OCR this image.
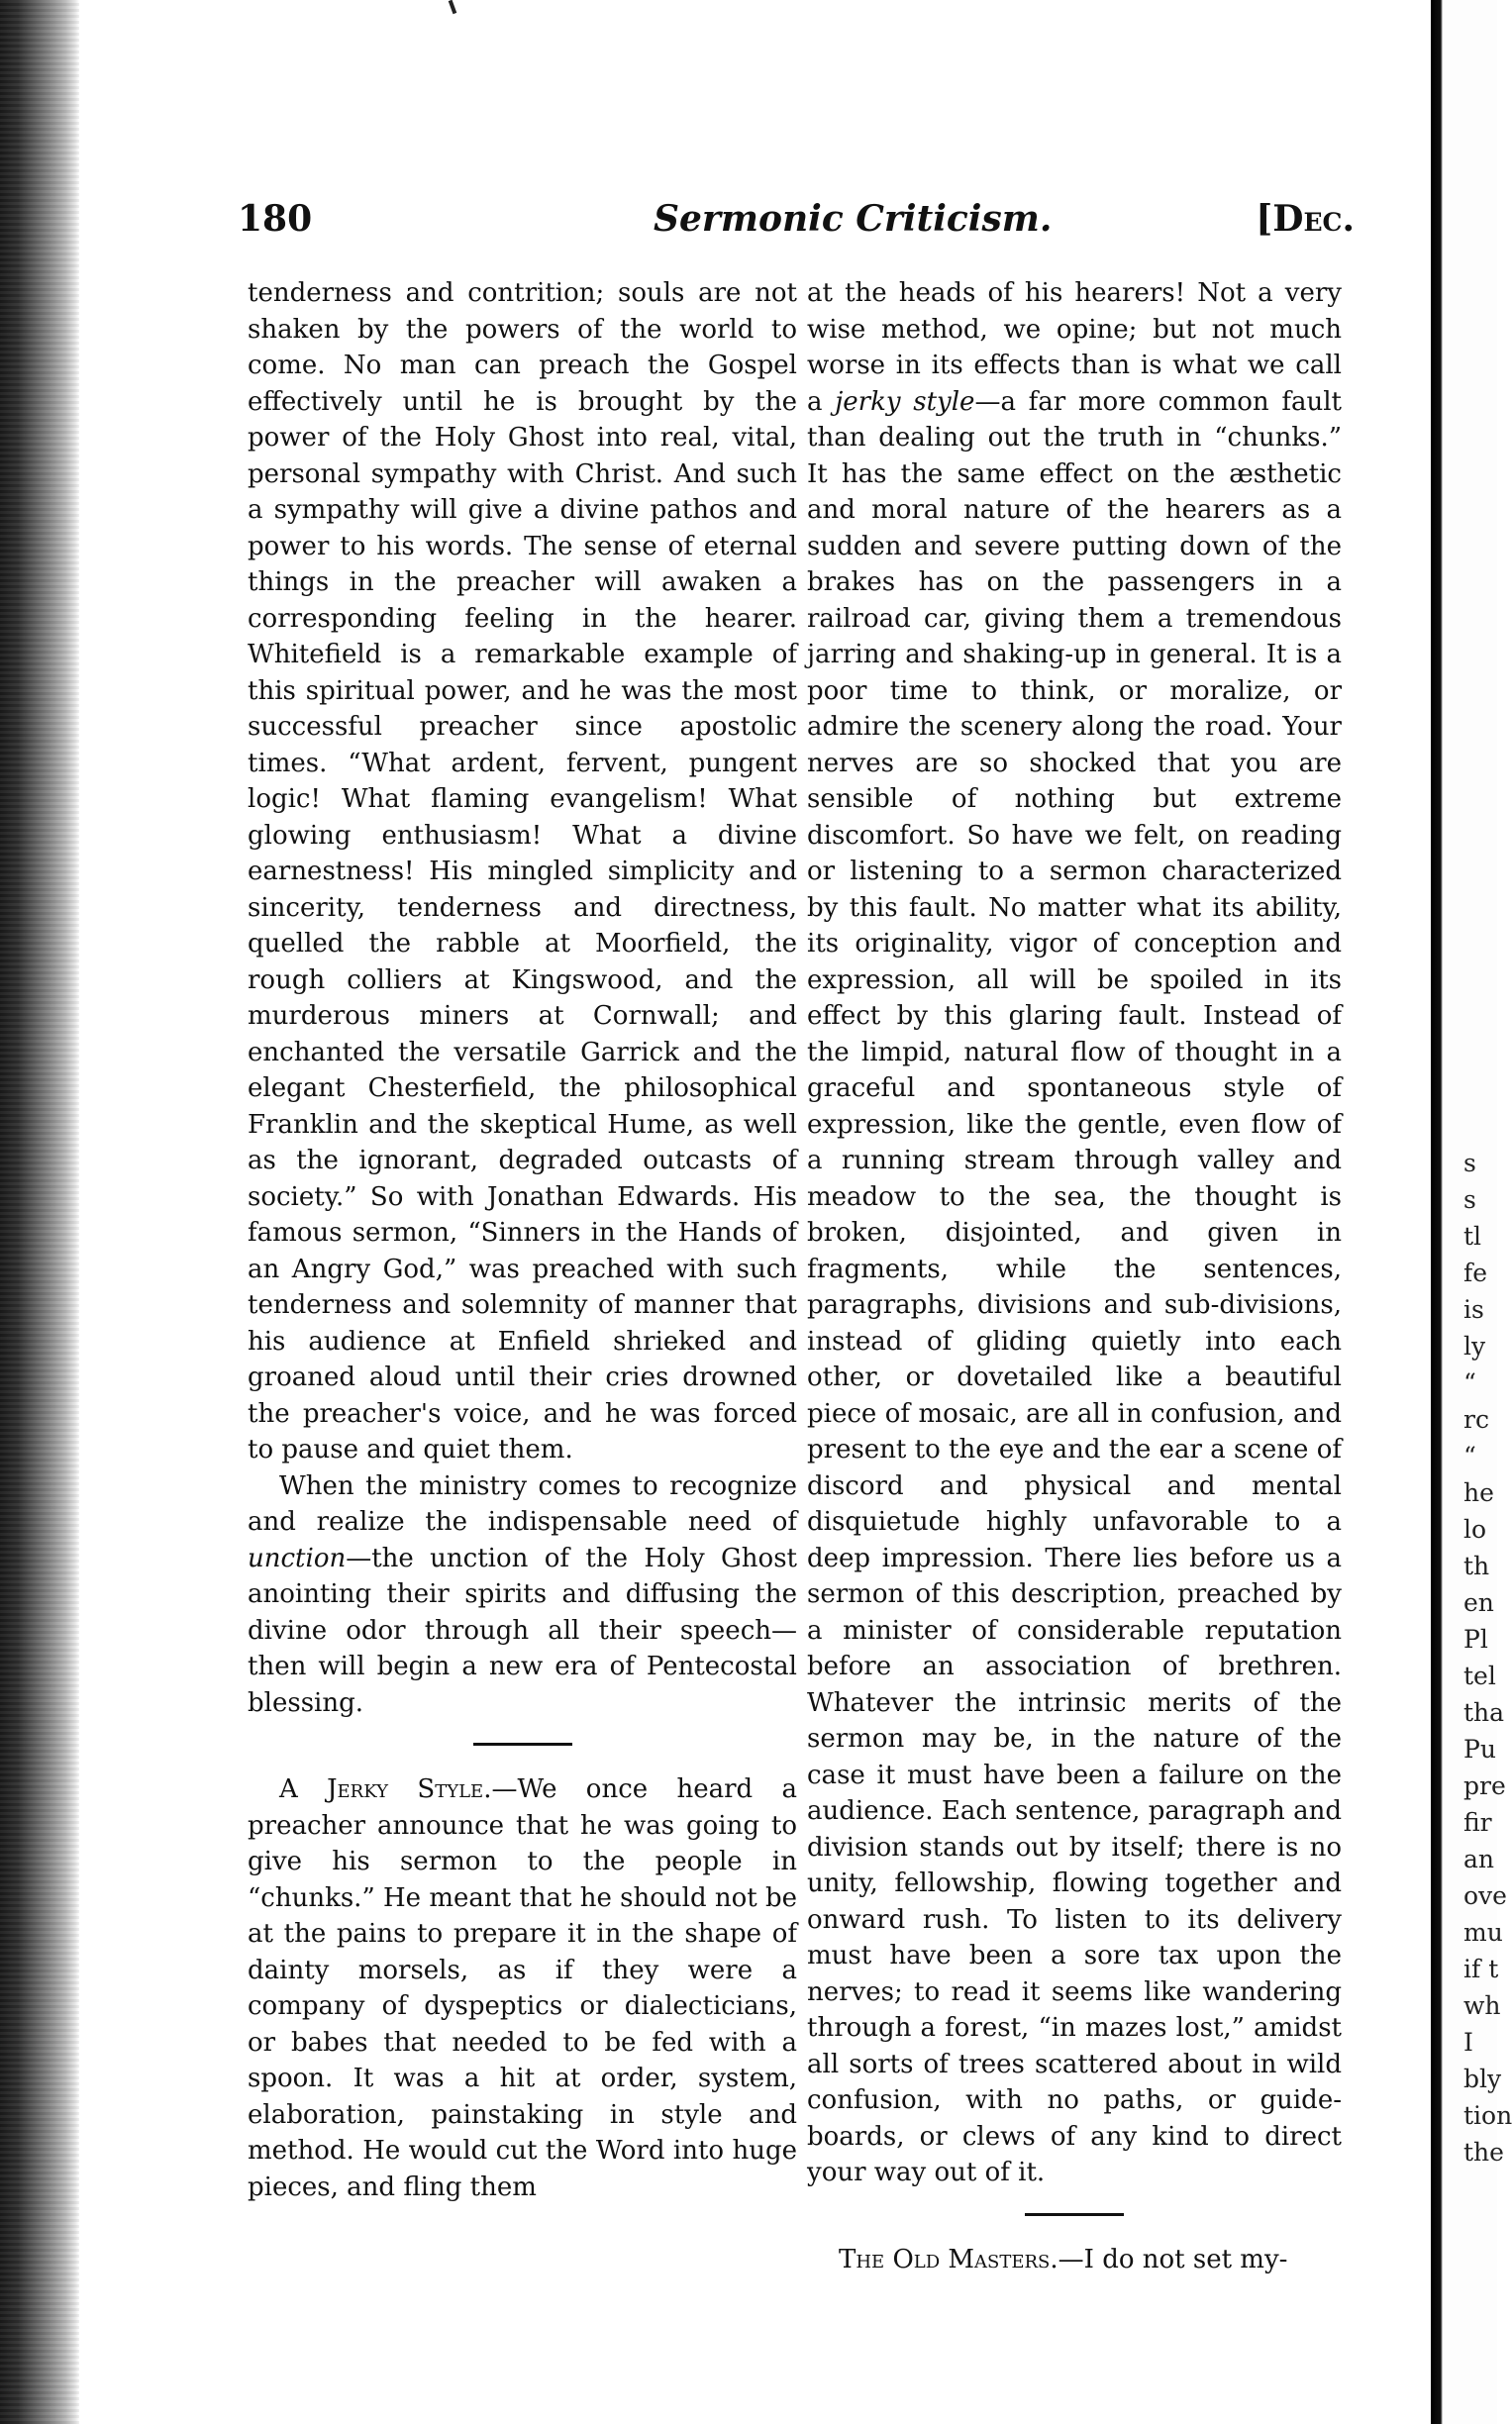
s
s
tl
fe
is
ly
“
rc
“
he
lo
th
en
Pl
tel
tha
Pu
pre
fir
an
ove
mu
if t
wh
I
bly
tion
the
180	Sermonic Criticism.	[Dec.

tenderness and contrition; souls are not shaken by the powers of the world to come. No man can preach the Gospel effectively until he is brought by the power of the Holy Ghost into real, vital, personal sympathy with Christ. And such a sympathy will give a divine pathos and power to his words. The sense of eternal things in the preacher will awaken a corresponding feeling in the hearer. Whitefield is a remarkable example of this spiritual power, and he was the most successful preacher since apostolic times. “What ardent, fervent, pungent logic! What flaming evangelism! What glowing enthusiasm! What a divine earnestness! His mingled simplicity and sincerity, tenderness and directness, quelled the rabble at Moorfield, the rough colliers at Kingswood, and the murderous miners at Cornwall; and enchanted the versatile Garrick and the elegant Chesterfield, the philosophical Franklin and the skeptical Hume, as well as the ignorant, degraded outcasts of society.” So with Jonathan Edwards. His famous sermon, “Sinners in the Hands of an Angry God,” was preached with such tenderness and solemnity of manner that his audience at Enfield shrieked and groaned aloud until their cries drowned the preacher's voice, and he was forced to pause and quiet them.

When the ministry comes to recognize and realize the indispensable need of unction—the unction of the Holy Ghost anointing their spirits and diffusing the divine odor through all their speech—then will begin a new era of Pentecostal blessing.

A Jerky Style.—We once heard a preacher announce that he was going to give his sermon to the people in “chunks.” He meant that he should not be at the pains to prepare it in the shape of dainty morsels, as if they were a company of dyspeptics or dialecticians, or babes that needed to be fed with a spoon. It was a hit at order, system, elaboration, painstaking in style and method. He would cut the Word into huge pieces, and fling them

at the heads of his hearers! Not a very wise method, we opine; but not much worse in its effects than is what we call a jerky style—a far more common fault than dealing out the truth in “chunks.” It has the same effect on the æsthetic and moral nature of the hearers as a sudden and severe putting down of the brakes has on the passengers in a railroad car, giving them a tremendous jarring and shaking-up in general. It is a poor time to think, or moralize, or admire the scenery along the road. Your nerves are so shocked that you are sensible of nothing but extreme discomfort. So have we felt, on reading or listening to a sermon characterized by this fault. No matter what its ability, its originality, vigor of conception and expression, all will be spoiled in its effect by this glaring fault. Instead of the limpid, natural flow of thought in a graceful and spontaneous style of expression, like the gentle, even flow of a running stream through valley and meadow to the sea, the thought is broken, disjointed, and given in fragments, while the sentences, paragraphs, divisions and sub-divisions, instead of gliding quietly into each other, or dovetailed like a beautiful piece of mosaic, are all in confusion, and present to the eye and the ear a scene of discord and physical and mental disquietude highly unfavorable to a deep impression. There lies before us a sermon of this description, preached by a minister of considerable reputation before an association of brethren. Whatever the intrinsic merits of the sermon may be, in the nature of the case it must have been a failure on the audience. Each sentence, paragraph and division stands out by itself; there is no unity, fellowship, flowing together and onward rush. To listen to its delivery must have been a sore tax upon the nerves; to read it seems like wandering through a forest, “in mazes lost,” amidst all sorts of trees scattered about in wild confusion, with no paths, or guide-boards, or clews of any kind to direct your way out of it.

The Old Masters.—I do not set my-
